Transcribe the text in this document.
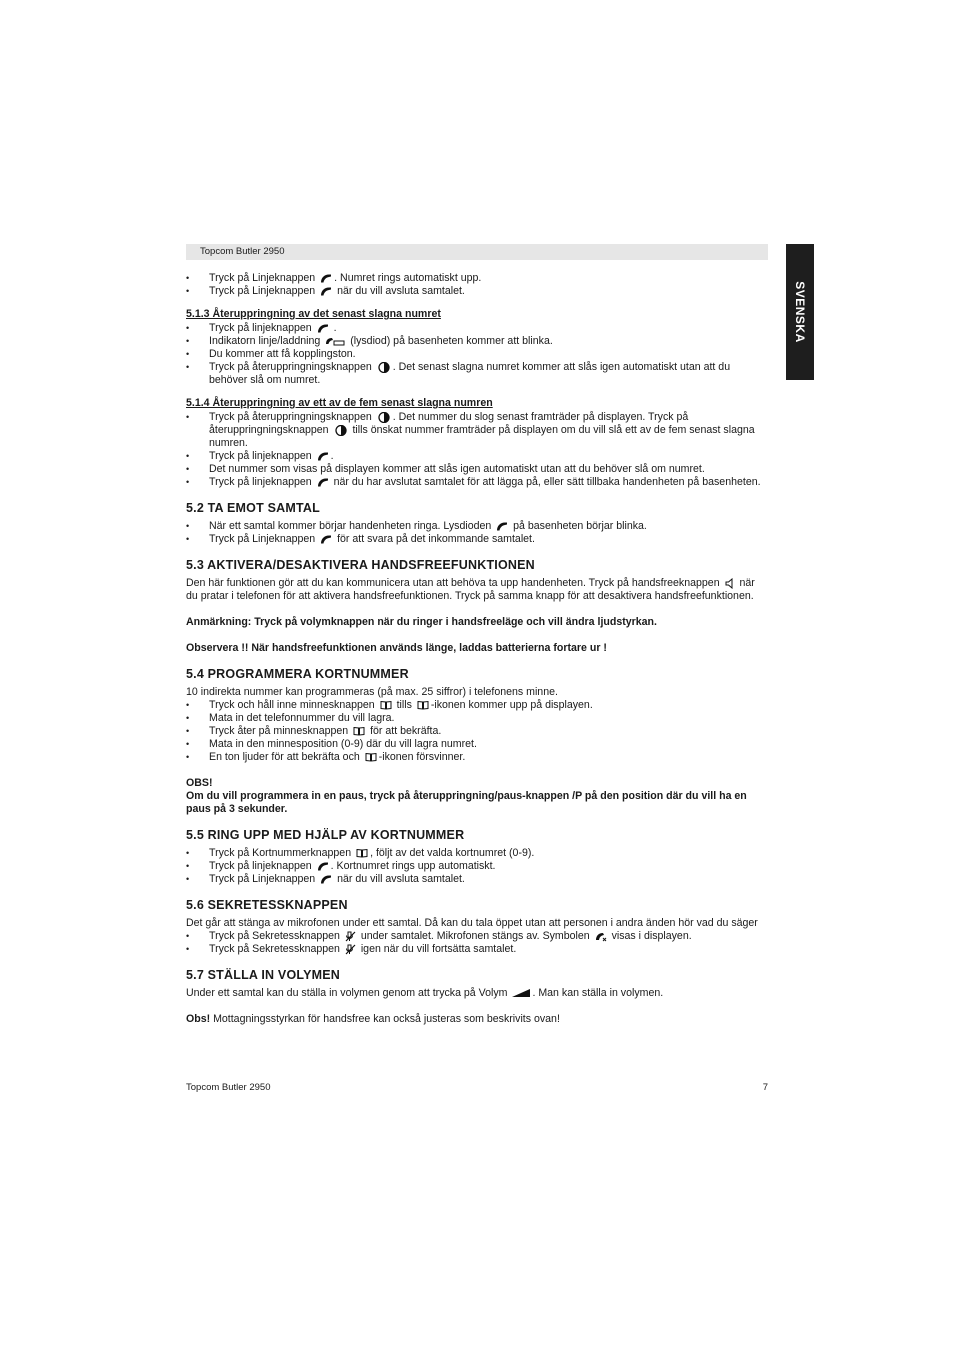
Topcom Butler 2950
SVENSKA
• Tryck på Linjeknappen . Numret rings automatiskt upp.
• Tryck på Linjeknappen
när du vill avsluta samtalet.
5.1.3 Återuppringning av det senast slagna numret
• Tryck på linjeknappen
.
• Indikatorn linje/laddning	(lysdiod) på basenheten kommer att blinka.
• Du kommer att få kopplingston.
• Tryck på återuppringningsknappen . Det senast slagna numret kommer att slås igen automatiskt utan att du behöver slå om numret.
5.1.4 Återuppringning av ett av de fem senast slagna numren
• Tryck på återuppringningsknappen . Det nummer du slog senast framträder på displayen. Tryck på återuppringningsknappen
tills önskat nummer framträder på displayen om du vill slå ett av de fem senast slagna numren.
• Tryck på linjeknappen .
• Det nummer som visas på displayen kommer att slås igen automatiskt utan att du behöver slå om numret.
• Tryck på linjeknappen
när du har avslutat samtalet för att lägga på, eller sätt tillbaka handenheten på basenheten.
5.2 TA EMOT SAMTAL
• När ett samtal kommer börjar handenheten ringa. Lysdioden
på basenheten börjar blinka.
• Tryck på Linjeknappen
för att svara på det inkommande samtalet.
5.3 AKTIVERA/DESAKTIVERA HANDSFREEFUNKTIONEN

Den här funktionen gör att du kan kommunicera utan att behöva ta upp handenheten. Tryck på handsfreeknappen
när du pratar i telefonen för att aktivera handsfreefunktionen. Tryck på samma knapp för att desaktivera handsfreefunktionen.

Anmärkning: Tryck på volymknappen när du ringer i handsfreeläge och vill ändra ljudstyrkan.

Observera !! När handsfreefunktionen används länge, laddas batterierna fortare ur !

5.4 PROGRAMMERA KORTNUMMER

10 indirekta nummer kan programmeras (på max. 25 siffror) i telefonens minne.

• Tryck och håll inne minnesknappen
tills -ikonen kommer upp på displayen.
• Mata in det telefonnummer du vill lagra.
• Tryck åter på minnesknappen
för att bekräfta.
• Mata in den minnesposition (0-9) där du vill lagra numret.
• En ton ljuder för att bekräfta och -ikonen försvinner.

OBS!

Om du vill programmera in en paus, tryck på återuppringning/paus-knappen /P på den position där du vill ha en paus på 3 sekunder.

5.5 RING UPP MED HJÄLP AV KORTNUMMER
• Tryck på Kortnummerknappen , följt av det valda kortnumret (0-9).
• Tryck på linjeknappen . Kortnumret rings upp automatiskt.
• Tryck på Linjeknappen
när du vill avsluta samtalet.
5.6 SEKRETESSKNAPPEN

Det går att stänga av mikrofonen under ett samtal. Då kan du tala öppet utan att personen i andra änden hör vad du säger

• Tryck på Sekretessknappen
under samtalet. Mikrofonen stängs av. Symbolen
visas i displayen.
• Tryck på Sekretessknappen
igen när du vill fortsätta samtalet.
5.7 STÄLLA IN VOLYMEN

Under ett samtal kan du ställa in volymen genom att trycka på Volym . Man kan ställa in volymen.

Obs! Mottagningsstyrkan för handsfree kan också justeras som beskrivits ovan!

Topcom Butler 2950	7
